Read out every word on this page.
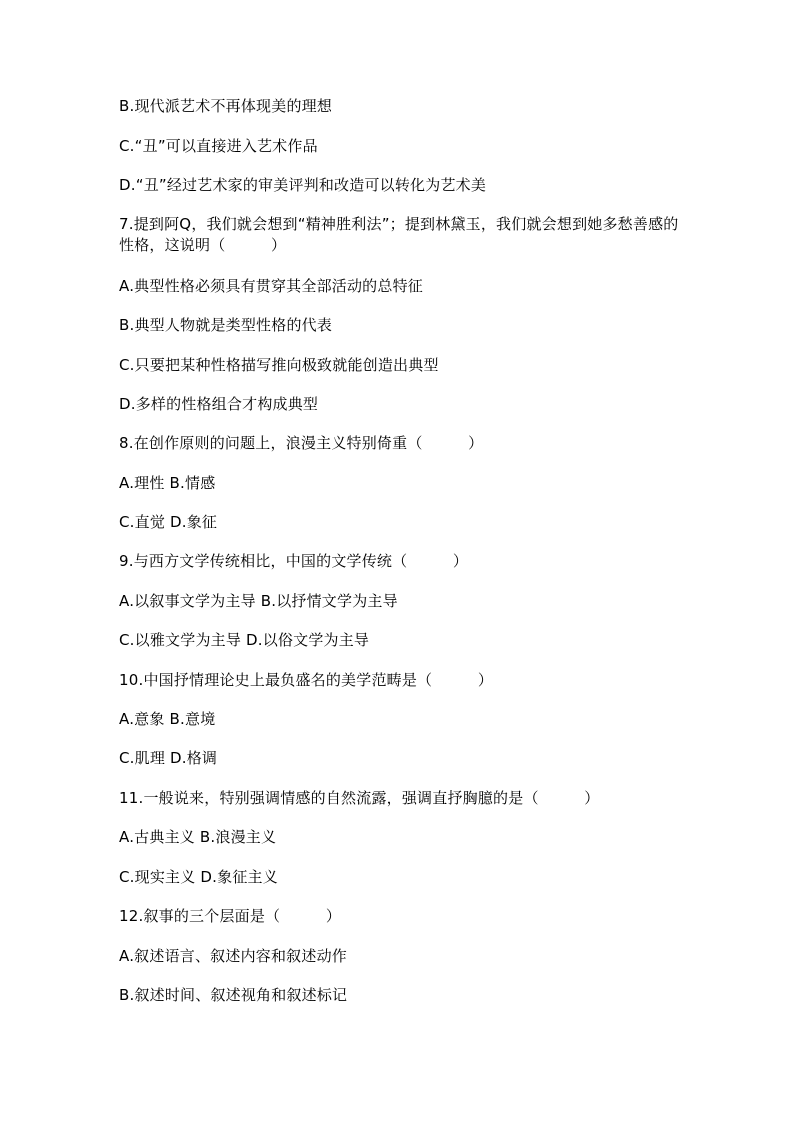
B.现代派艺术不再体现美的理想
C.“丑”可以直接进入艺术作品
D.“丑”经过艺术家的审美评判和改造可以转化为艺术美
7.提到阿Q，我们就会想到“精神胜利法”；提到林黛玉，我们就会想到她多愁善感的性格，这说明（　　　）
A.典型性格必须具有贯穿其全部活动的总特征
B.典型人物就是类型性格的代表
C.只要把某种性格描写推向极致就能创造出典型
D.多样的性格组合才构成典型
8.在创作原则的问题上，浪漫主义特别倚重（　　　）
A.理性 B.情感
C.直觉 D.象征
9.与西方文学传统相比，中国的文学传统（　　　）
A.以叙事文学为主导 B.以抒情文学为主导
C.以雅文学为主导 D.以俗文学为主导
10.中国抒情理论史上最负盛名的美学范畴是（　　　）
A.意象 B.意境
C.肌理 D.格调
11.一般说来，特别强调情感的自然流露，强调直抒胸臆的是（　　　）
A.古典主义 B.浪漫主义
C.现实主义 D.象征主义
12.叙事的三个层面是（　　　）
A.叙述语言、叙述内容和叙述动作
B.叙述时间、叙述视角和叙述标记
